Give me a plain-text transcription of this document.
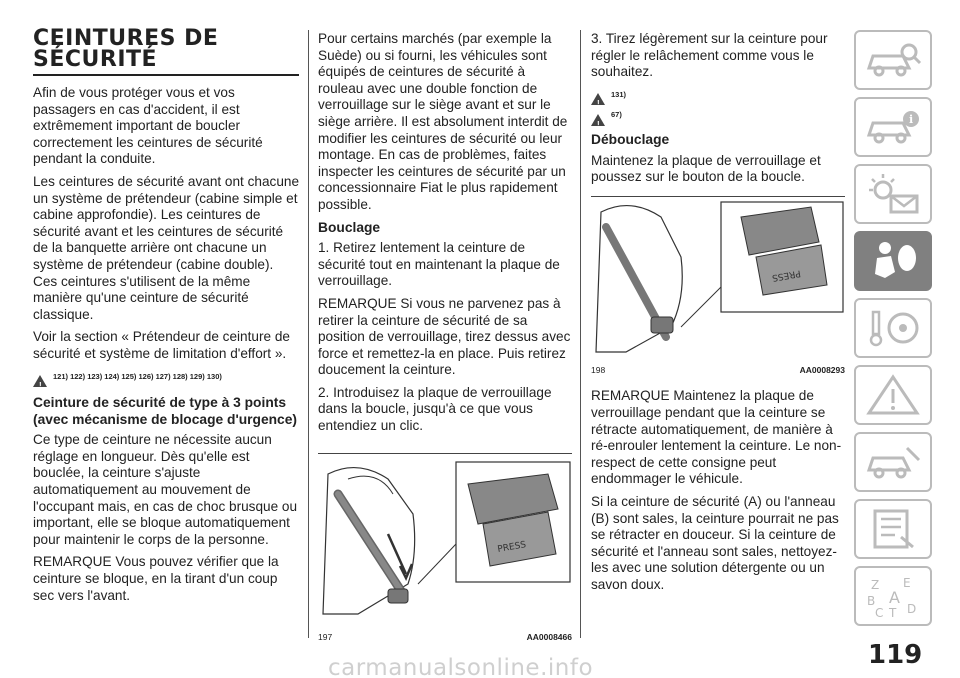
CEINTURES DE
SÉCURITÉ

Afin de vous protéger vous et vos passagers en cas d'accident, il est extrêmement important de boucler correctement les ceintures de sécurité pendant la conduite.

Les ceintures de sécurité avant ont chacune un système de prétendeur (cabine simple et cabine approfondie). Les ceintures de sécurité avant et les ceintures de sécurité de la banquette arrière ont chacune un système de prétendeur (cabine double). Ces ceintures s'utilisent de la même manière qu'une ceinture de sécurité classique.

Voir la section « Prétendeur de ceinture de sécurité et système de limitation d'effort ».

!
121) 122) 123) 124) 125) 126) 127) 128) 129) 130)
Ceinture de sécurité de type à 3 points (avec mécanisme de blocage d'urgence)

Ce type de ceinture ne nécessite aucun réglage en longueur. Dès qu'elle est bouclée, la ceinture s'ajuste automatiquement au mouvement de l'occupant mais, en cas de choc brusque ou important, elle se bloque automatiquement pour maintenir le corps de la personne.

REMARQUE Vous pouvez vérifier que la ceinture se bloque, en la tirant d'un coup sec vers l'avant.

Pour certains marchés (par exemple la Suède) ou si fourni, les véhicules sont équipés de ceintures de sécurité à rouleau avec une double fonction de verrouillage sur le siège avant et sur le siège arrière. Il est absolument interdit de modifier les ceintures de sécurité ou leur montage. En cas de problèmes, faites inspecter les ceintures de sécurité par un concessionnaire Fiat le plus rapidement possible.

Bouclage

1. Retirez lentement la ceinture de sécurité tout en maintenant la plaque de verrouillage.

REMARQUE Si vous ne parvenez pas à retirer la ceinture de sécurité de sa position de verrouillage, tirez dessus avec force et remettez-la en place. Puis retirez doucement la ceinture.

2. Introduisez la plaque de verrouillage dans la boucle, jusqu'à ce que vous entendiez un clic.

PRESS
197	AA0008466

3. Tirez légèrement sur la ceinture pour régler le relâchement comme vous le souhaitez.

!
131)
!
67)
Débouclage

Maintenez la plaque de verrouillage et poussez sur le bouton de la boucle.

PRESS
198	AA0008293

REMARQUE Maintenez la plaque de verrouillage pendant que la ceinture se rétracte automatiquement, de manière à ré-enrouler lentement la ceinture. Le non-respect de cette consigne peut endommager le véhicule.

Si la ceinture de sécurité (A) ou l'anneau (B) sont sales, la ceinture pourrait ne pas se rétracter en douceur. Si la ceinture de sécurité et l'anneau sont sales, nettoyez-les avec une solution détergente ou un savon doux.

i
Z E
B A
C T D
119
carmanualsonline.info
